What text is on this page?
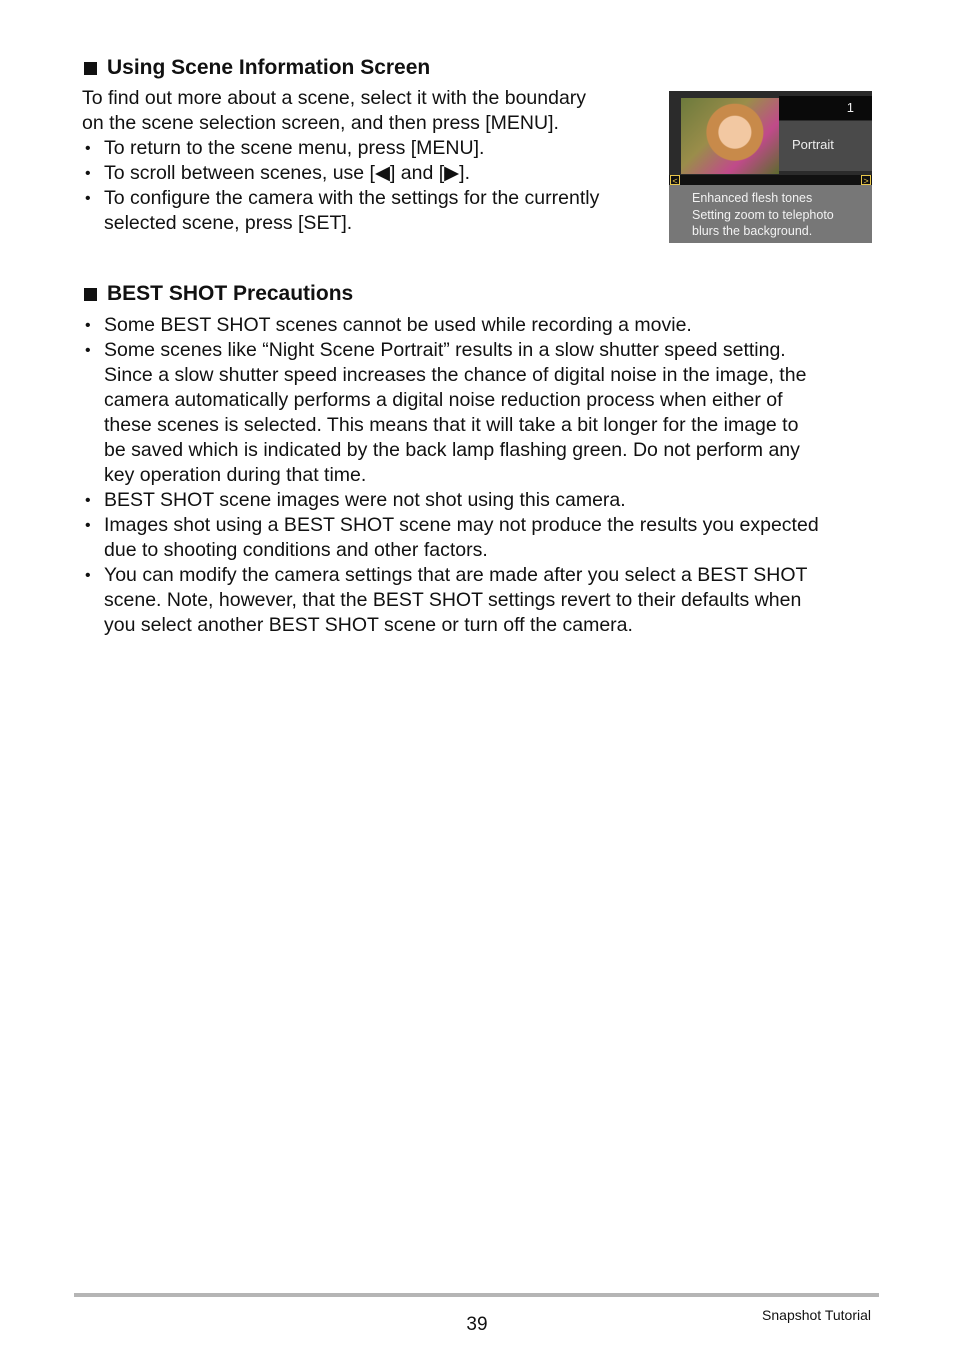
Using Scene Information Screen
To find out more about a scene, select it with the boundary
on the scene selection screen, and then press [MENU].
• To return to the scene menu, press [MENU].
• To scroll between scenes, use [◀] and [▶].
• To configure the camera with the settings for the currently
selected scene, press [SET].
1
Portrait
<	>
Enhanced flesh tones
Setting zoom to telephoto
blurs the background.
BEST SHOT Precautions
• Some BEST SHOT scenes cannot be used while recording a movie.
• Some scenes like “Night Scene Portrait” results in a slow shutter speed setting.
Since a slow shutter speed increases the chance of digital noise in the image, the
camera automatically performs a digital noise reduction process when either of
these scenes is selected. This means that it will take a bit longer for the image to
be saved which is indicated by the back lamp flashing green. Do not perform any
key operation during that time.
• BEST SHOT scene images were not shot using this camera.
• Images shot using a BEST SHOT scene may not produce the results you expected
due to shooting conditions and other factors.
• You can modify the camera settings that are made after you select a BEST SHOT
scene. Note, however, that the BEST SHOT settings revert to their defaults when
you select another BEST SHOT scene or turn off the camera.
39	Snapshot Tutorial
